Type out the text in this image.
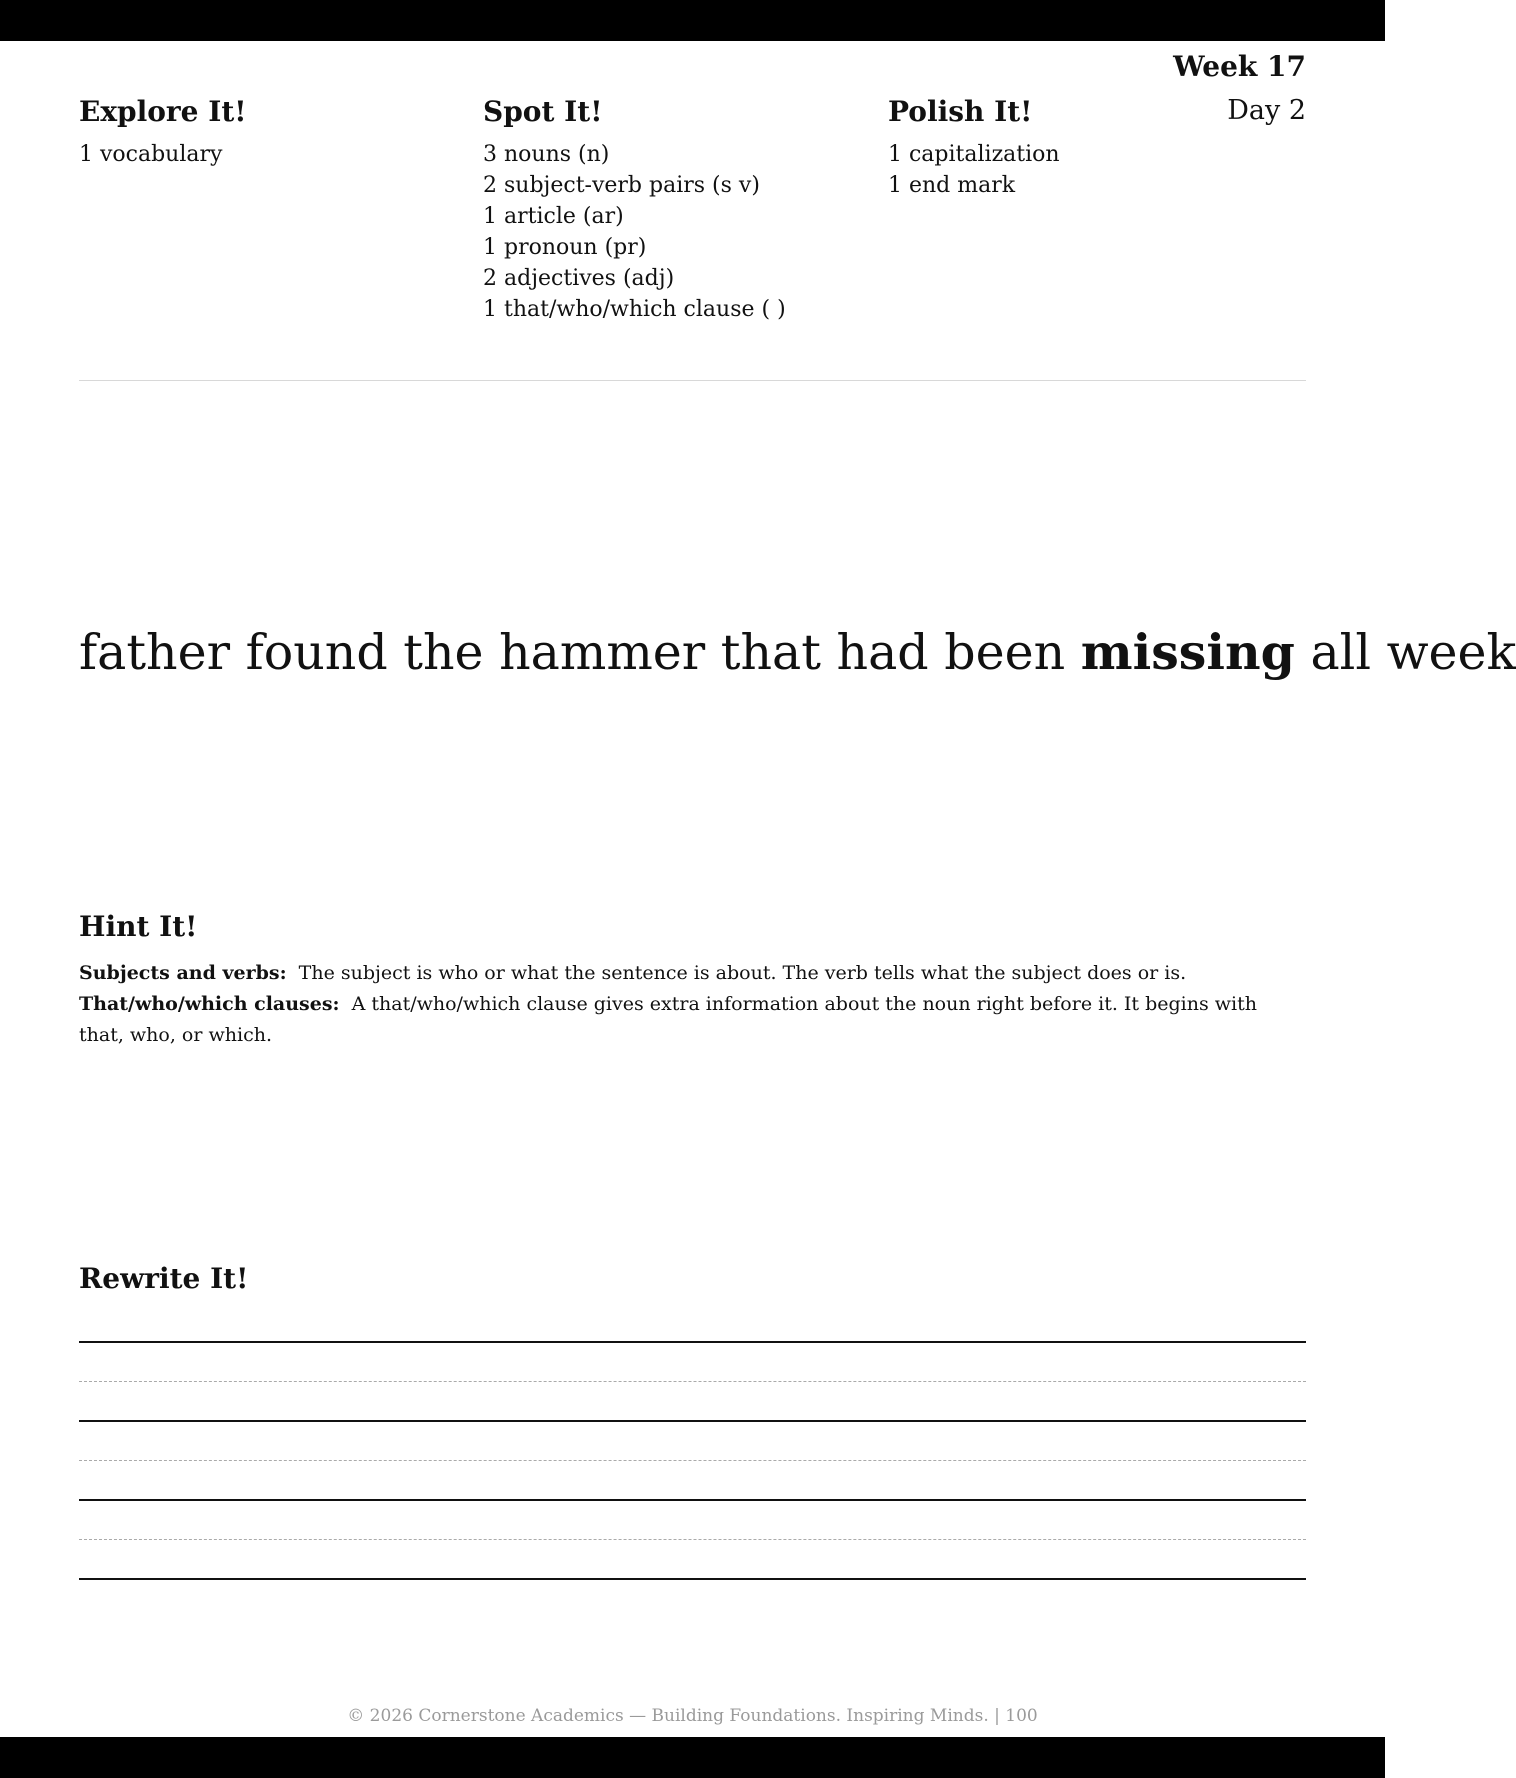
Week 17
Day 2
Explore It!
1 vocabulary
Spot It!
3 nouns (n)
2 subject-verb pairs (s v)
1 article (ar)
1 pronoun (pr)
2 adjectives (adj)
1 that/who/which clause ( )
Polish It!
1 capitalization
1 end mark
father found the hammer that had been missing all week
Hint It!

Subjects and verbs: The subject is who or what the sentence is about. The verb tells what the subject does or is.

That/who/which clauses: A that/who/which clause gives extra information about the noun right before it. It begins with that, who, or which.

Rewrite It!
© 2026 Cornerstone Academics — Building Foundations. Inspiring Minds. | 100
